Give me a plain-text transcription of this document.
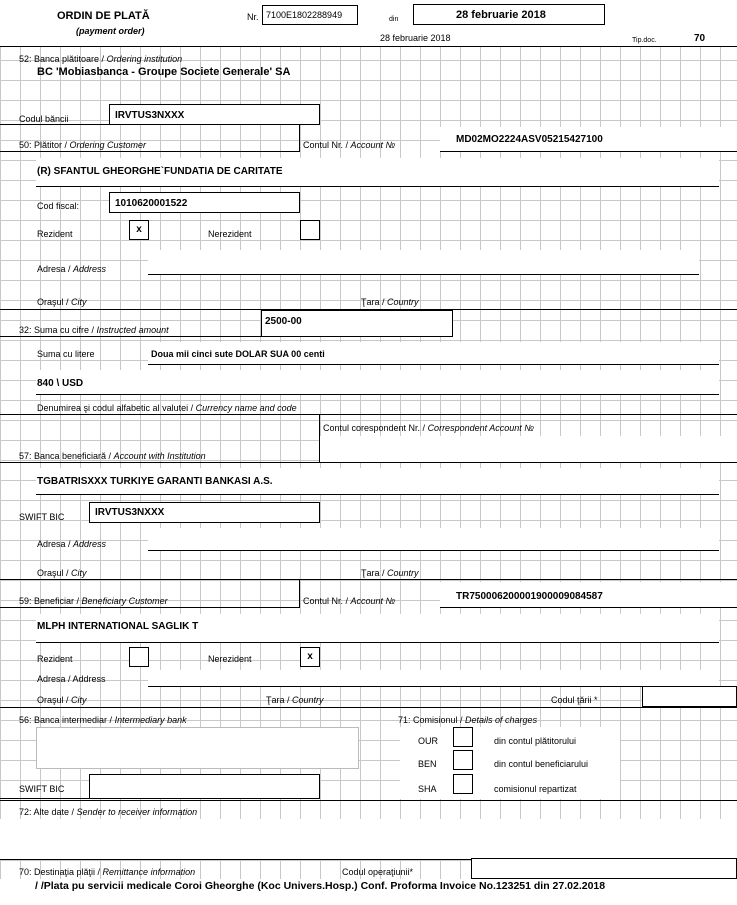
ORDIN DE PLATĂ
(payment order)
Nr. 7100E1802288949	din	28 februarie 2018
28 februarie 2018	Tip.doc.	70
52: Banca plătitoare / Ordering institution
BC 'Mobiasbanca - Groupe Societe Generale' SA
Codul băncii	IRVTUS3NXXX
50: Plătitor / Ordering Customer	Contul Nr. / Account №	MD02MO2224ASV05215427100
(R) SFANTUL GHEORGHE`FUNDATIA DE CARITATE
Cod fiscal:	1010620001522
Rezident	x	Nerezident
Adresa / Address
Oraşul / City	Ţara / Country
32: Suma cu cifre / Instructed amount
2500-00
Suma cu litere	Doua mii cinci sute DOLAR SUA 00 centi
840 \ USD
Denumirea şi codul alfabetic al valutei / Currency name and code
Contul corespondent Nr. / Correspondent Account №
57: Banca beneficiară / Account with Institution
TGBATRISXXX TURKIYE GARANTI BANKASI A.S.
SWIFT BIC	IRVTUS3NXXX
Adresa / Address
Oraşul / City	Ţara / Country
59: Beneficiar / Beneficiary Customer	Contul Nr. / Account №	TR750006200001900009084587
MLPH INTERNATIONAL SAGLIK T
Rezident	Nerezident	x
Adresa / Address
Oraşul / City	Ţara / Country	Codul ţării *
56: Banca intermediar / Intermediary bank
SWIFT BIC
71: Comisionul / Details of charges
OUR	din contul plătitorului
BEN	din contul beneficiarului
SHA	comisionul repartizat
72: Alte date / Sender to receiver information
70: Destinaţia plăţii / Remittance information	Codul operaţiunii*
/ /Plata pu servicii medicale Coroi Gheorghe (Koc Univers.Hosp.) Conf. Proforma Invoice No.123251 din 27.02.2018
